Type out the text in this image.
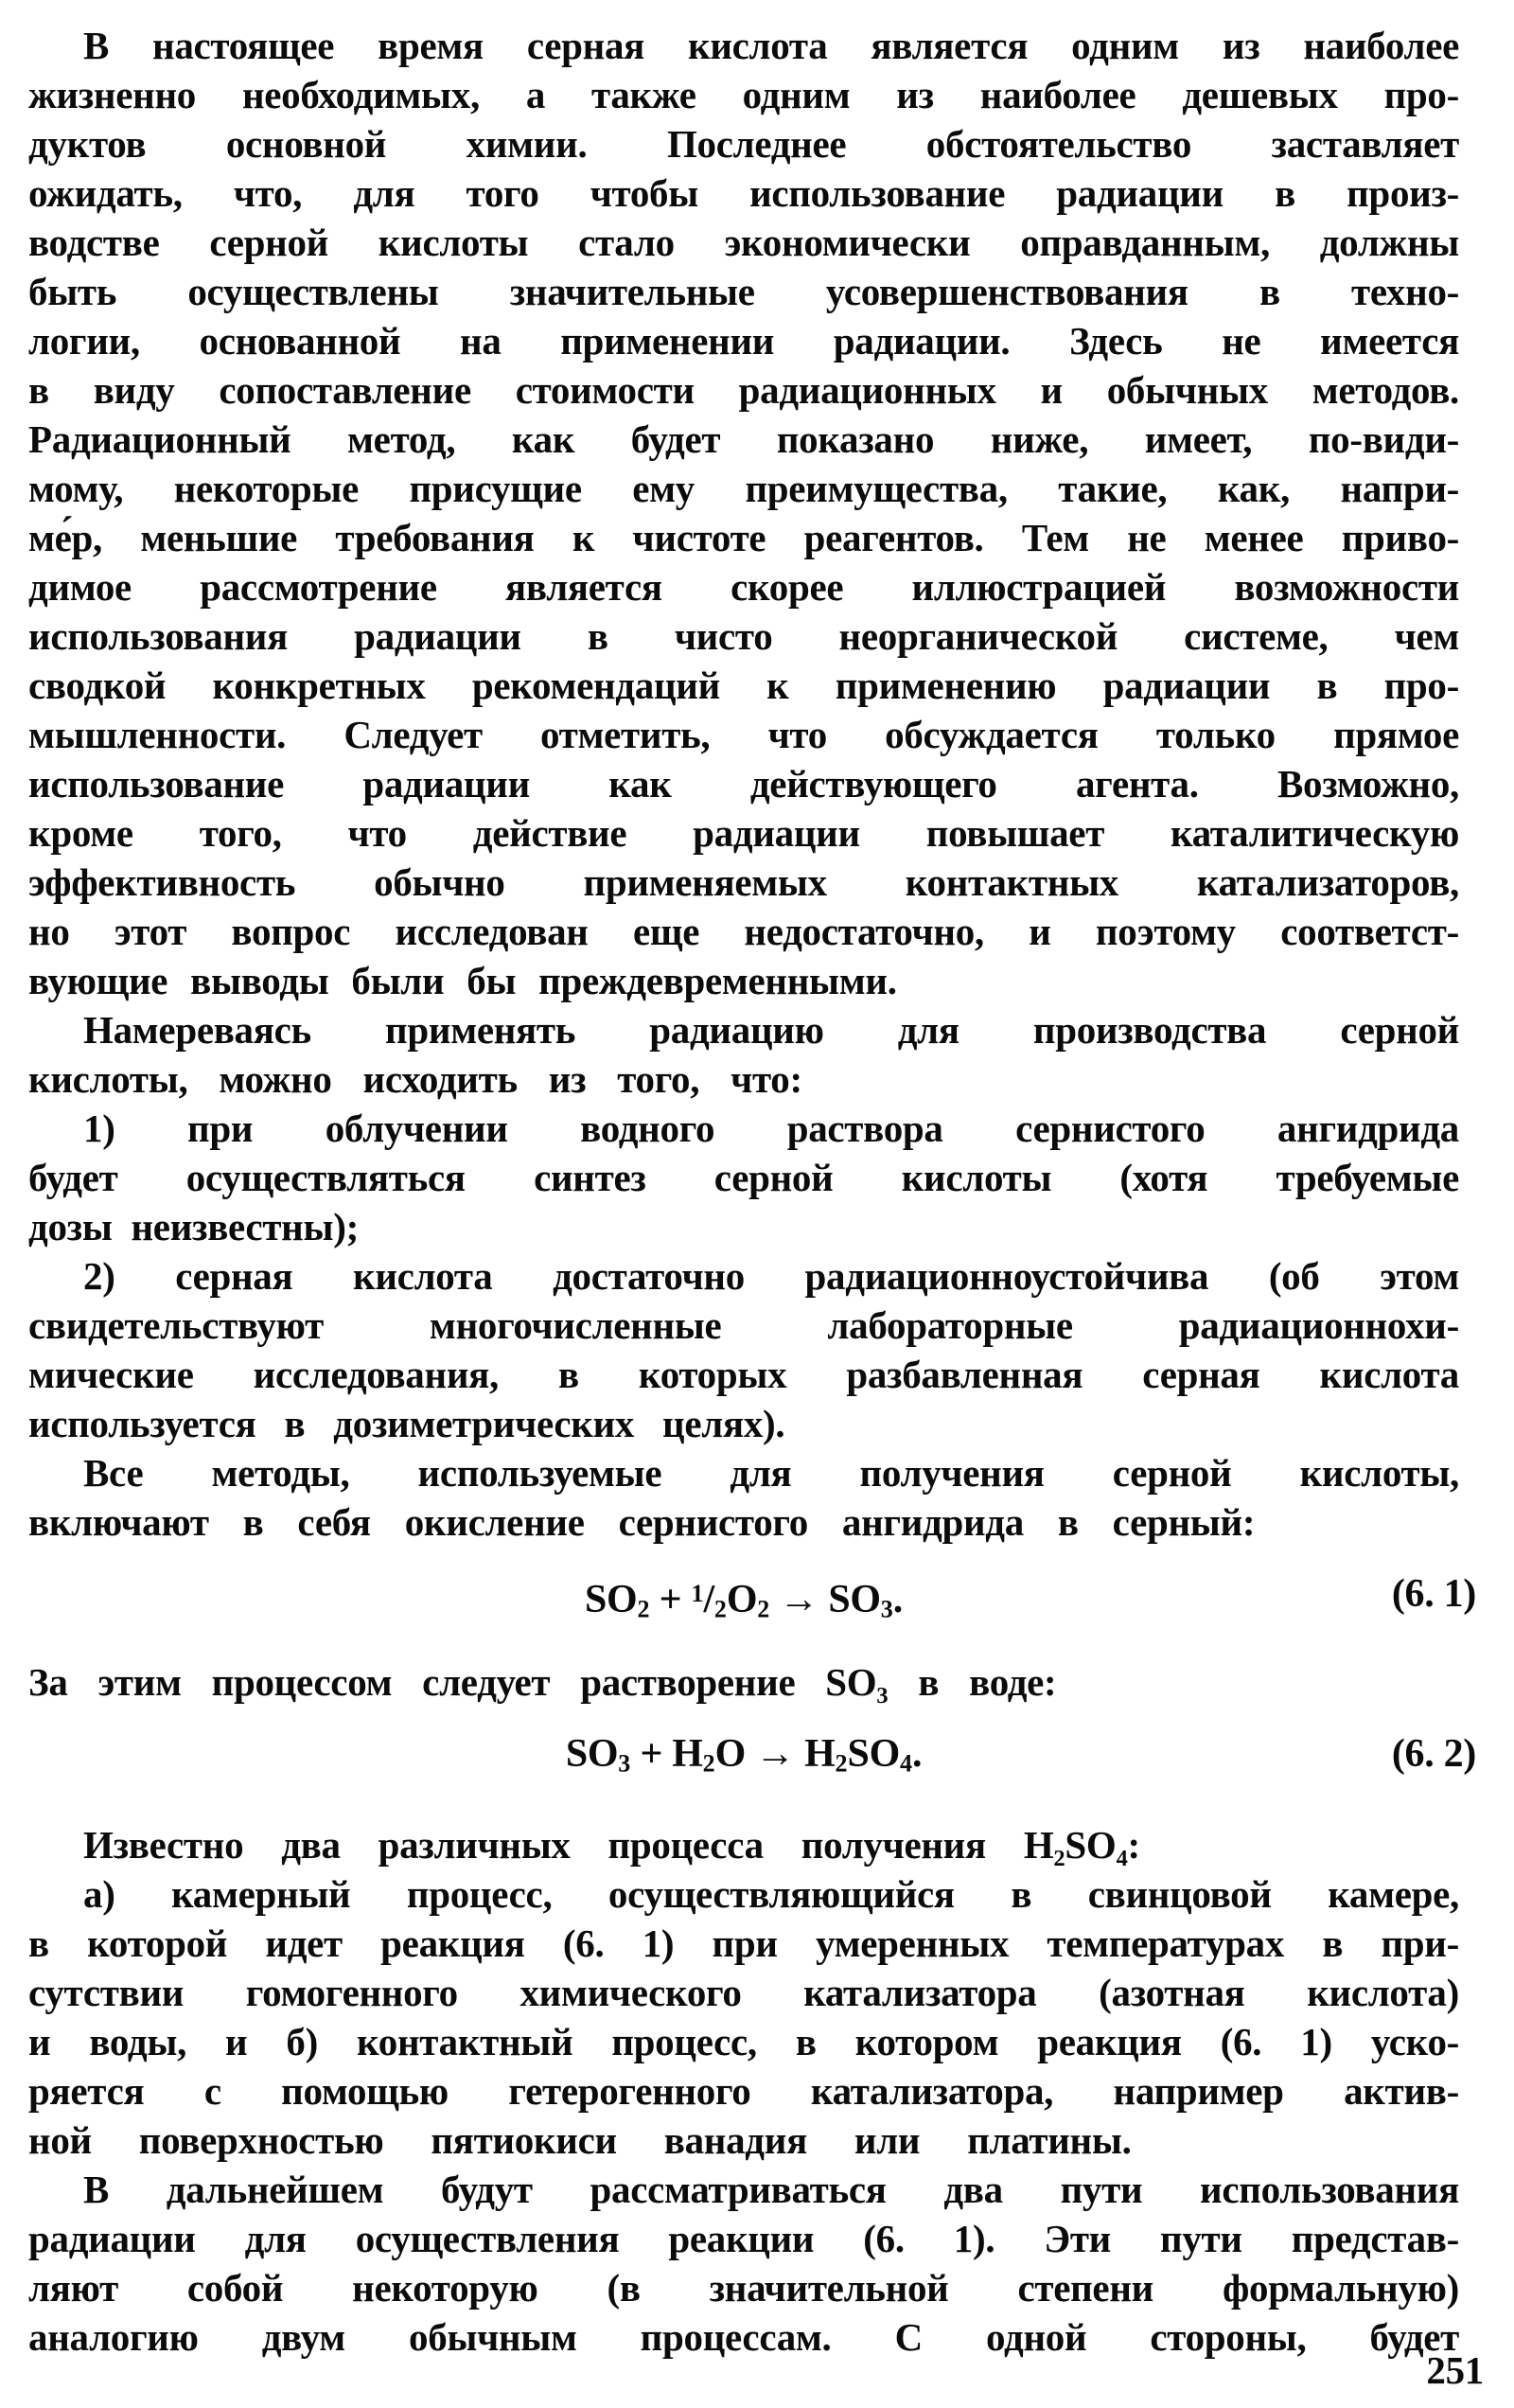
В настоящее время серная кислота является одним из наиболее
жизненно необходимых, а также одним из наиболее дешевых про-
дуктов основной химии. Последнее обстоятельство заставляет
ожидать, что, для того чтобы использование радиации в произ-
водстве серной кислоты стало экономически оправданным, должны
быть осуществлены значительные усовершенствования в техно-
логии, основанной на применении радиации. Здесь не имеется
в виду сопоставление стоимости радиационных и обычных методов.
Радиационный метод, как будет показано ниже, имеет, по-види-
мому, некоторые присущие ему преимущества, такие, как, напри-
ме́р, меньшие требования к чистоте реагентов. Тем не менее приво-
димое рассмотрение является скорее иллюстрацией возможности
использования радиации в чисто неорганической системе, чем
сводкой конкретных рекомендаций к применению радиации в про-
мышленности. Следует отметить, что обсуждается только прямое
использование радиации как действующего агента. Возможно,
кроме того, что действие радиации повышает каталитическую
эффективность обычно применяемых контактных катализаторов,
но этот вопрос исследован еще недостаточно, и поэтому соответст-
вующие выводы были бы преждевременными.
Намереваясь применять радиацию для производства серной
кислоты, можно исходить из того, что:
1) при облучении водного раствора сернистого ангидрида
будет осуществляться синтез серной кислоты (хотя требуемые
дозы неизвестны);
2) серная кислота достаточно радиационноустойчива (об этом
свидетельствуют многочисленные лабораторные радиационнохи-
мические исследования, в которых разбавленная серная кислота
используется в дозиметрических целях).
Все методы, используемые для получения серной кислоты,
включают в себя окисление сернистого ангидрида в серный:
$SO_2 + ^1/_2O_2 \to SO_3$.	(6. 1)
За этим процессом следует растворение SO₃ в воде:
$SO_3 + H_2O \to H_2SO_4$.	(6. 2)
Известно два различных процесса получения H₂SO₄:
а) камерный процесс, осуществляющийся в свинцовой камере,
в которой идет реакция (6. 1) при умеренных температурах в при-
сутствии гомогенного химического катализатора (азотная кислота)
и воды, и б) контактный процесс, в котором реакция (6. 1) уско-
ряется с помощью гетерогенного катализатора, например актив-
ной поверхностью пятиокиси ванадия или платины.
В дальнейшем будут рассматриваться два пути использования
радиации для осуществления реакции (6. 1). Эти пути представ-
ляют собой некоторую (в значительной степени формальную)
аналогию двум обычным процессам. С одной стороны, будет
251
